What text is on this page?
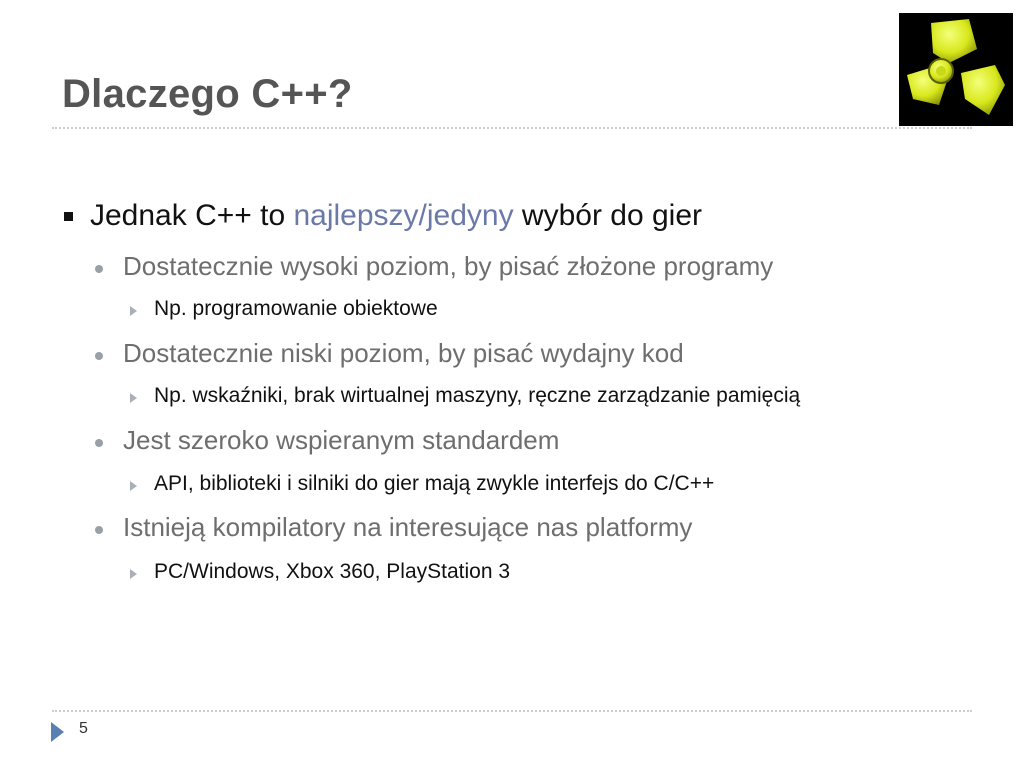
Dlaczego C++?
Jednak C++ to najlepszy/jedyny wybór do gier
Dostatecznie wysoki poziom, by pisać złożone programy
Np. programowanie obiektowe
Dostatecznie niski poziom, by pisać wydajny kod
Np. wskaźniki, brak wirtualnej maszyny, ręczne zarządzanie pamięcią
Jest szeroko wspieranym standardem
API, biblioteki i silniki do gier mają zwykle interfejs do C/C++
Istnieją kompilatory na interesujące nas platformy
PC/Windows, Xbox 360, PlayStation 3
5
